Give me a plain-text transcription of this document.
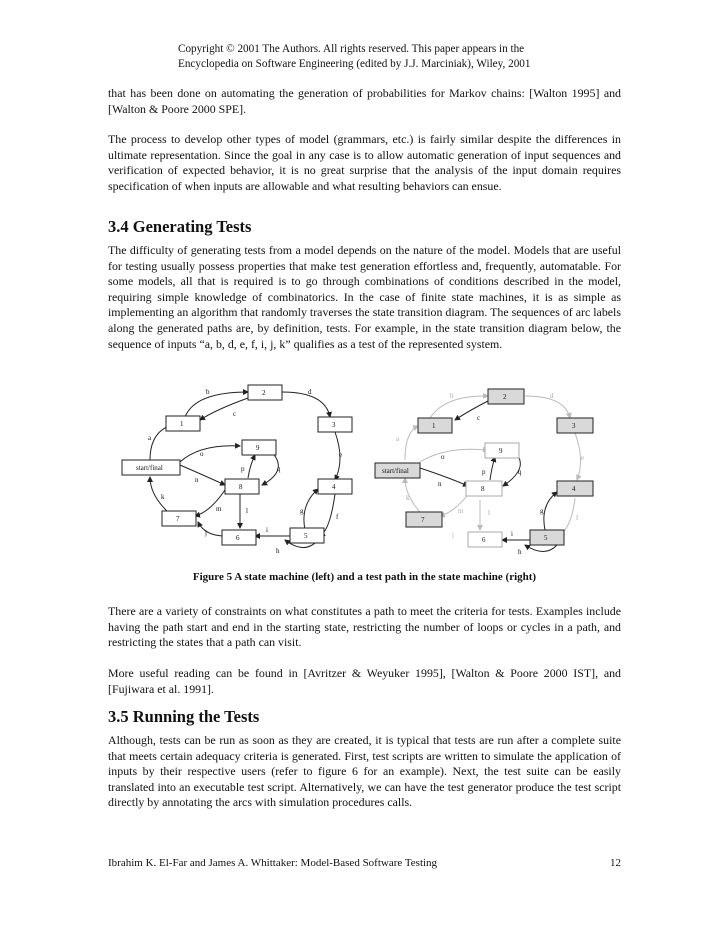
Copyright © 2001 The Authors. All rights reserved. This paper appears in the
Encyclopedia on Software Engineering (edited by J.J. Marciniak), Wiley, 2001

that has been done on automating the generation of probabilities for Markov chains: [Walton 1995] and [Walton & Poore 2000 SPE].

The process to develop other types of model (grammars, etc.) is fairly similar despite the differences in ultimate representation. Since the goal in any case is to allow automatic generation of input sequences and verification of expected behavior, it is no great surprise that the analysis of the input domain requires specification of when inputs are allowable and what resulting behaviors can ensue.

3.4 Generating Tests

The difficulty of generating tests from a model depends on the nature of the model. Models that are useful for testing usually possess properties that make test generation effortless and, frequently, automatable. For some models, all that is required is to go through combinations of conditions described in the model, requiring simple knowledge of combinatorics. In the case of finite state machines, it is as simple as implementing an algorithm that randomly traverses the state transition diagram. The sequences of arc labels along the generated paths are, by definition, tests. For example, in the state transition diagram below, the sequence of inputs “a, b, d, e, f, i, j, k” qualifies as a test of the represented system.

start/final
1
2
3
4
5
6
7
8
9
a
b
c
d
e
f
g
h
i
j
k
l
m
n
o
p	q	start/final
1
2
3
4
5
6
7
8
9
a
b
c
d
e
f
g
h
i
j
k
l
m
n
o
p	q
Figure 5 A state machine (left) and a test path in the state machine (right)

There are a variety of constraints on what constitutes a path to meet the criteria for tests. Examples include having the path start and end in the starting state, restricting the number of loops or cycles in a path, and restricting the states that a path can visit.

More useful reading can be found in [Avritzer & Weyuker 1995], [Walton & Poore 2000 IST], and [Fujiwara et al. 1991].

3.5 Running the Tests

Although, tests can be run as soon as they are created, it is typical that tests are run after a complete suite that meets certain adequacy criteria is generated. First, test scripts are written to simulate the application of inputs by their respective users (refer to figure 6 for an example). Next, the test suite can be easily translated into an executable test script. Alternatively, we can have the test generator produce the test script directly by annotating the arcs with simulation procedures calls.

Ibrahim K. El-Far and James A. Whittaker: Model-Based Software Testing	12
